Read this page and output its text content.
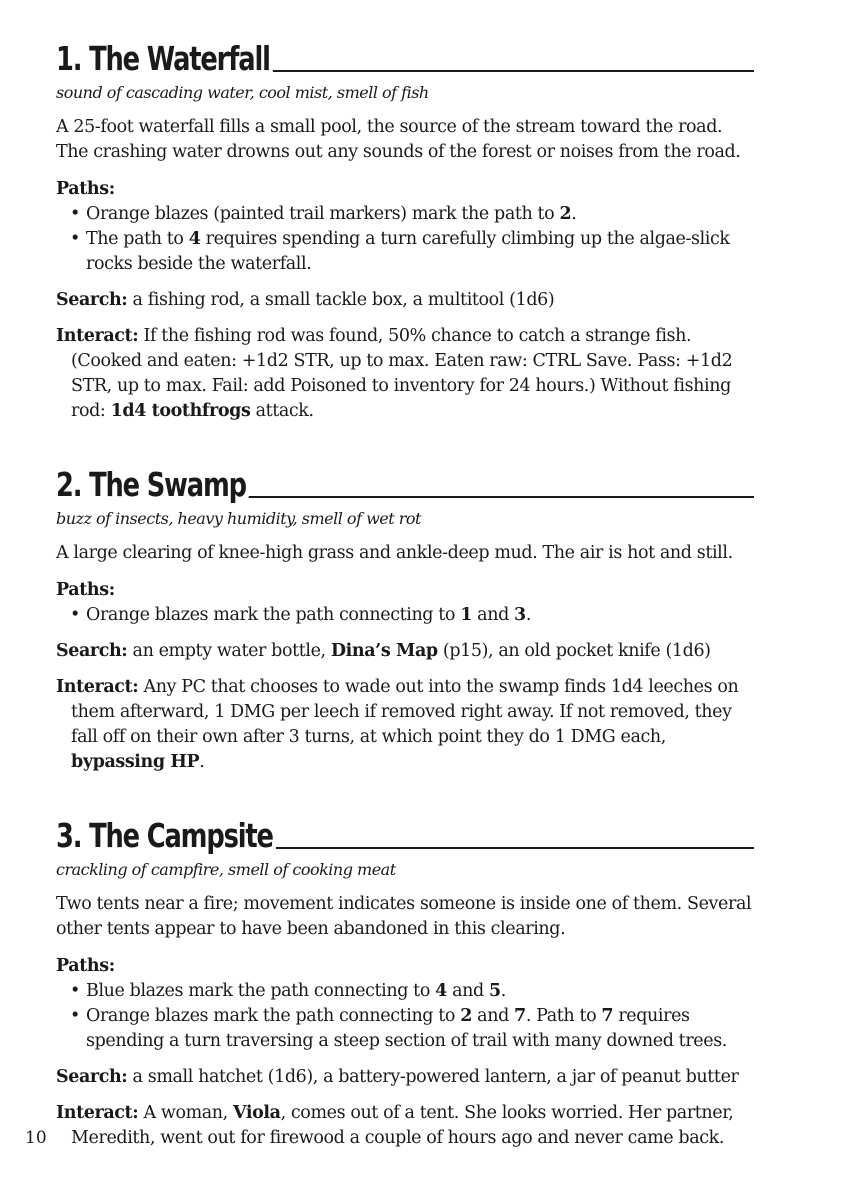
1. The Waterfall

sound of cascading water, cool mist, smell of fish

A 25-foot waterfall fills a small pool, the source of the stream toward the road. The crashing water drowns out any sounds of the forest or noises from the road.

Paths:

• Orange blazes (painted trail markers) mark the path to 2.
• The path to 4 requires spending a turn carefully climbing up the algae-slick rocks beside the waterfall.

Search: a fishing rod, a small tackle box, a multitool (1d6)

Interact: If the fishing rod was found, 50% chance to catch a strange fish. (Cooked and eaten: +1d2 STR, up to max. Eaten raw: CTRL Save. Pass: +1d2 STR, up to max. Fail: add Poisoned to inventory for 24 hours.) Without fishing rod: 1d4 toothfrogs attack.

2. The Swamp

buzz of insects, heavy humidity, smell of wet rot

A large clearing of knee-high grass and ankle-deep mud. The air is hot and still.

Paths:

• Orange blazes mark the path connecting to 1 and 3.

Search: an empty water bottle, Dina’s Map (p15), an old pocket knife (1d6)

Interact: Any PC that chooses to wade out into the swamp finds 1d4 leeches on them afterward, 1 DMG per leech if removed right away. If not removed, they fall off on their own after 3 turns, at which point they do 1 DMG each, bypassing HP.

3. The Campsite

crackling of campfire, smell of cooking meat

Two tents near a fire; movement indicates someone is inside one of them. Several other tents appear to have been abandoned in this clearing.

Paths:

• Blue blazes mark the path connecting to 4 and 5.
• Orange blazes mark the path connecting to 2 and 7. Path to 7 requires spending a turn traversing a steep section of trail with many downed trees.

Search: a small hatchet (1d6), a battery-powered lantern, a jar of peanut butter

Interact: A woman, Viola, comes out of a tent. She looks worried. Her partner, Meredith, went out for firewood a couple of hours ago and never came back.

10
